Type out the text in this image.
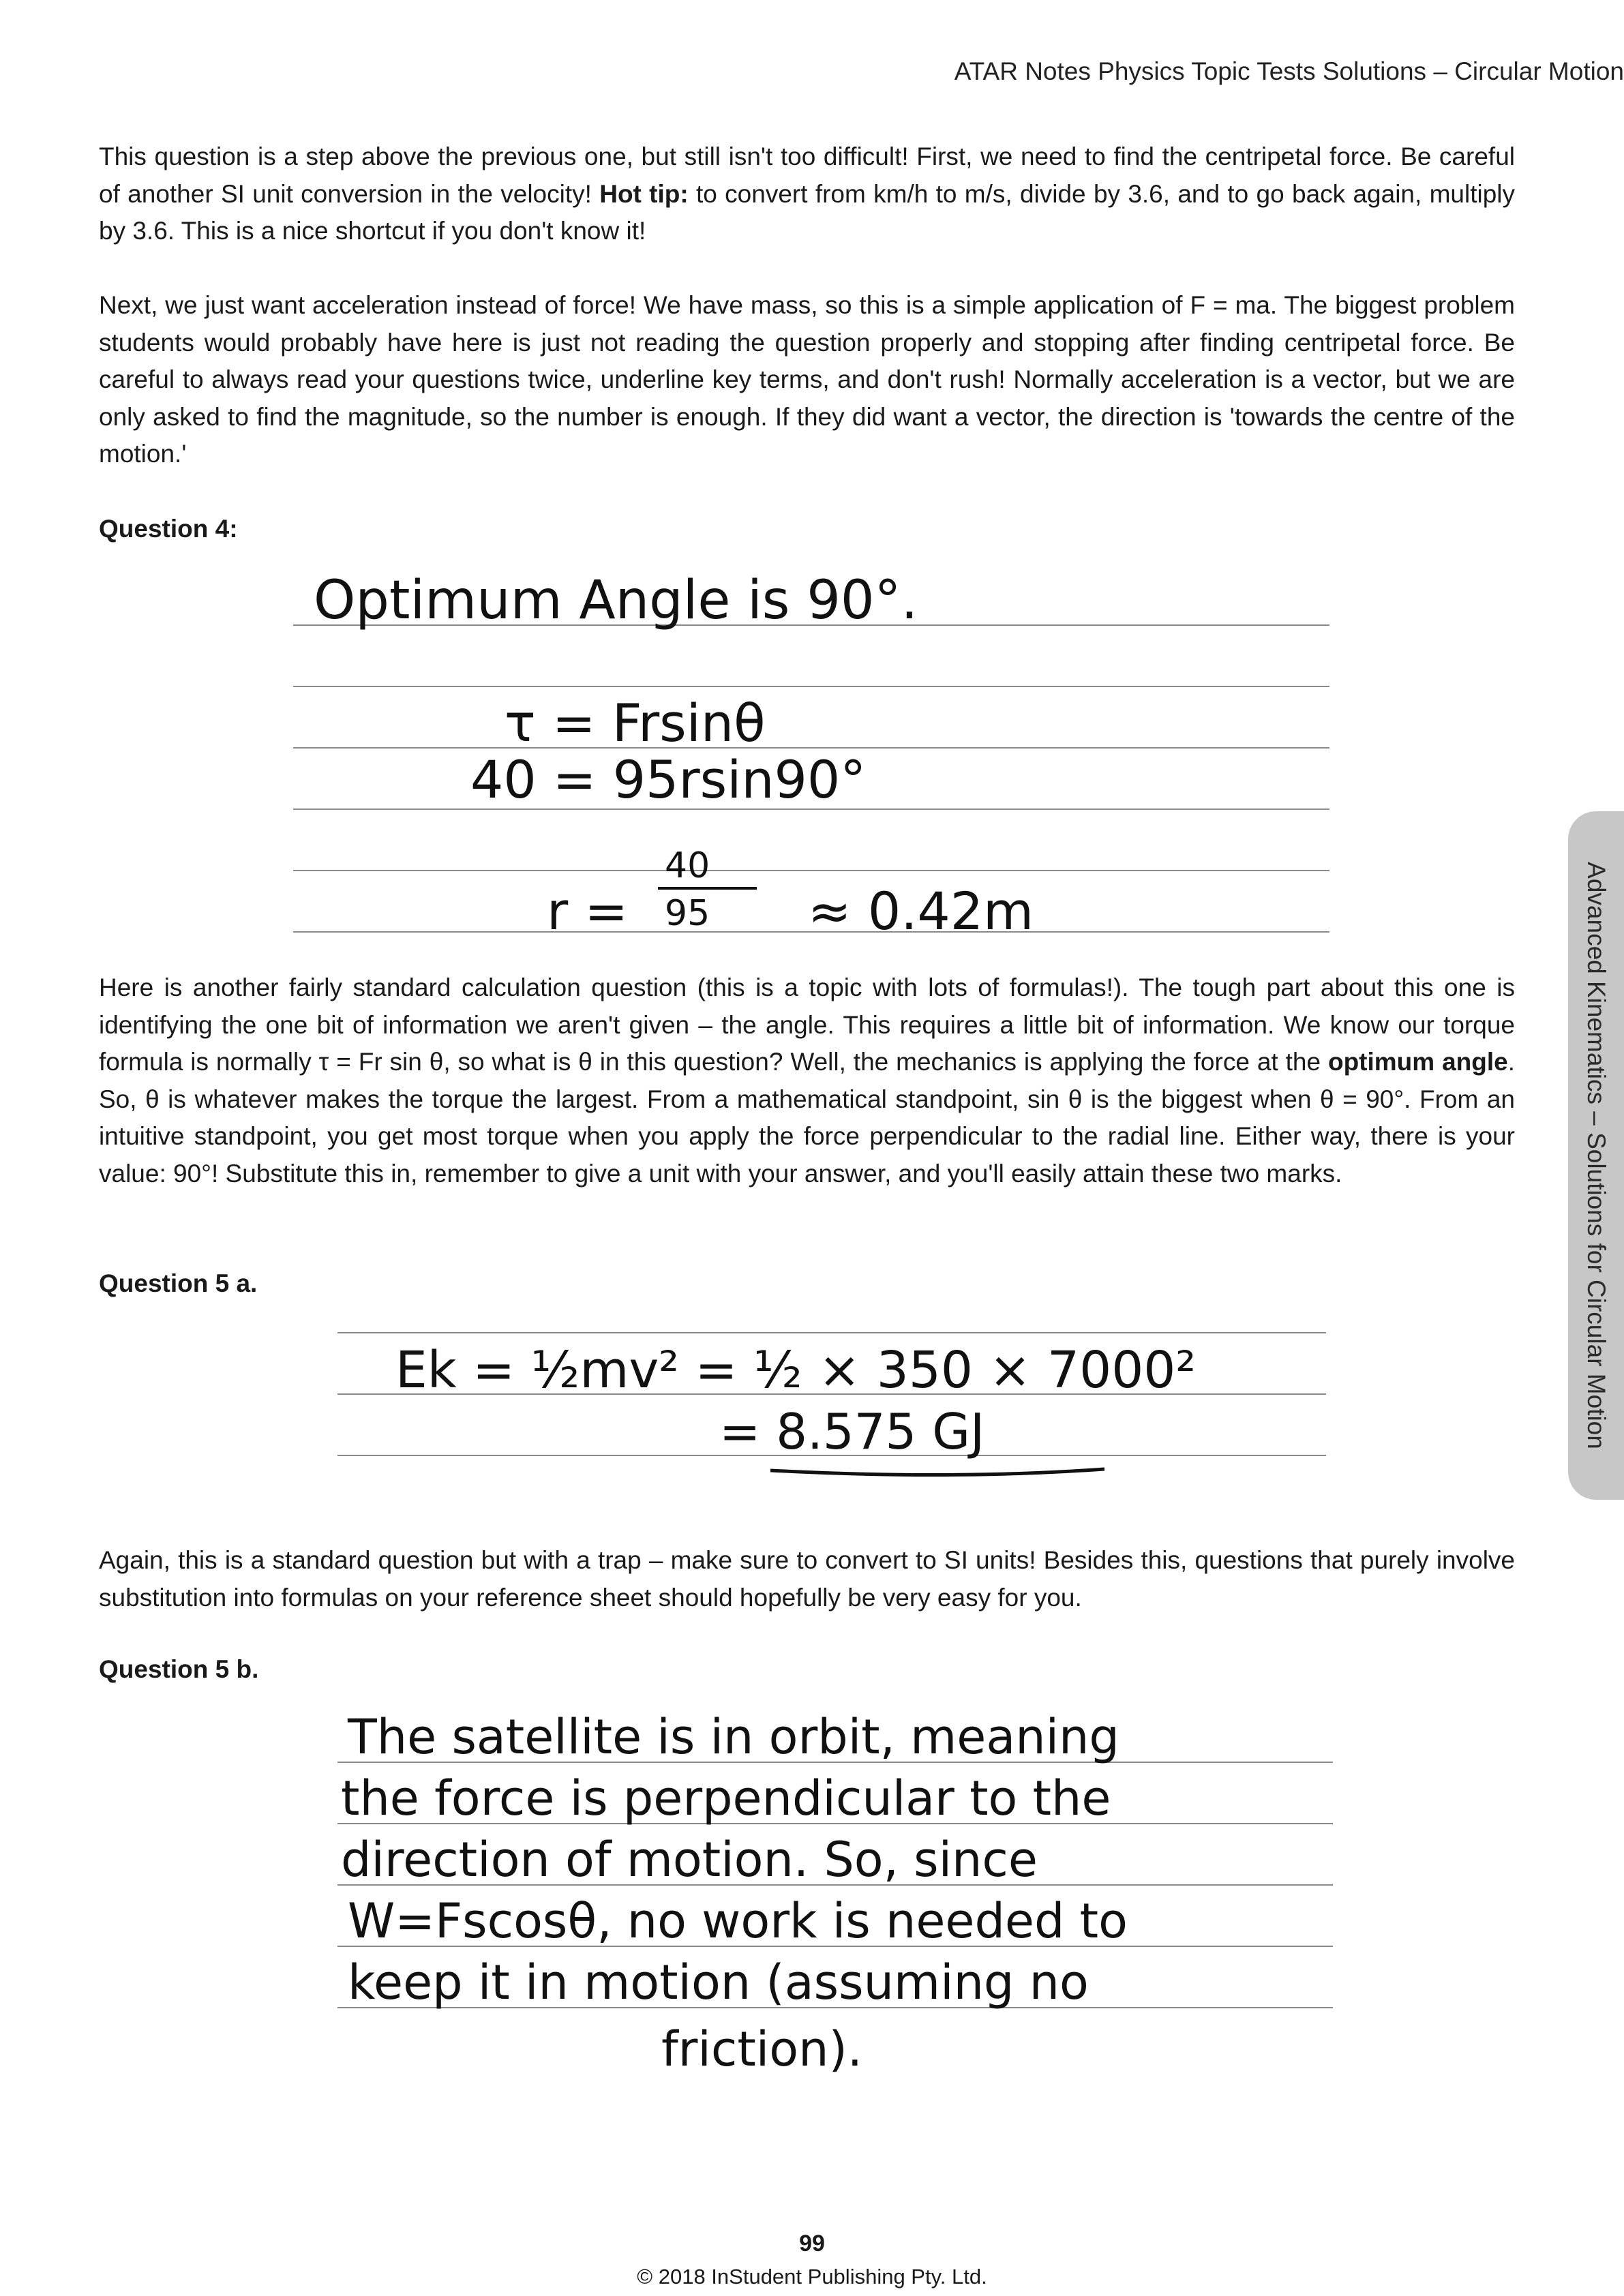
ATAR Notes Physics Topic Tests Solutions – Circular Motion
This question is a step above the previous one, but still isn't too difficult! First, we need to find the centripetal force. Be careful of another SI unit conversion in the velocity! Hot tip: to convert from km/h to m/s, divide by 3.6, and to go back again, multiply by 3.6. This is a nice shortcut if you don't know it!
Next, we just want acceleration instead of force! We have mass, so this is a simple application of F = ma. The biggest problem students would probably have here is just not reading the question properly and stopping after finding centripetal force. Be careful to always read your questions twice, underline key terms, and don't rush! Normally acceleration is a vector, but we are only asked to find the magnitude, so the number is enough. If they did want a vector, the direction is 'towards the centre of the motion.'
Question 4:
Optimum Angle is 90°.
τ = Frsinθ
40 = 95rsin90°
r =
40
95 ≈ 0.42m
Here is another fairly standard calculation question (this is a topic with lots of formulas!). The tough part about this one is identifying the one bit of information we aren't given – the angle. This requires a little bit of information. We know our torque formula is normally τ = Fr sin θ, so what is θ in this question? Well, the mechanics is applying the force at the optimum angle. So, θ is whatever makes the torque the largest. From a mathematical standpoint, sin θ is the biggest when θ = 90°. From an intuitive standpoint, you get most torque when you apply the force perpendicular to the radial line. Either way, there is your value: 90°! Substitute this in, remember to give a unit with your answer, and you'll easily attain these two marks.
Question 5 a.
Ek = ½mv² = ½ × 350 × 7000²
= 8.575 GJ
Again, this is a standard question but with a trap – make sure to convert to SI units! Besides this, questions that purely involve substitution into formulas on your reference sheet should hopefully be very easy for you.
Question 5 b.
The satellite is in orbit, meaning
the force is perpendicular to the
direction of motion. So, since
W=Fscosθ, no work is needed to
keep it in motion (assuming no
friction).
Advanced Kinematics – Solutions for Circular Motion
99
© 2018 InStudent Publishing Pty. Ltd.
